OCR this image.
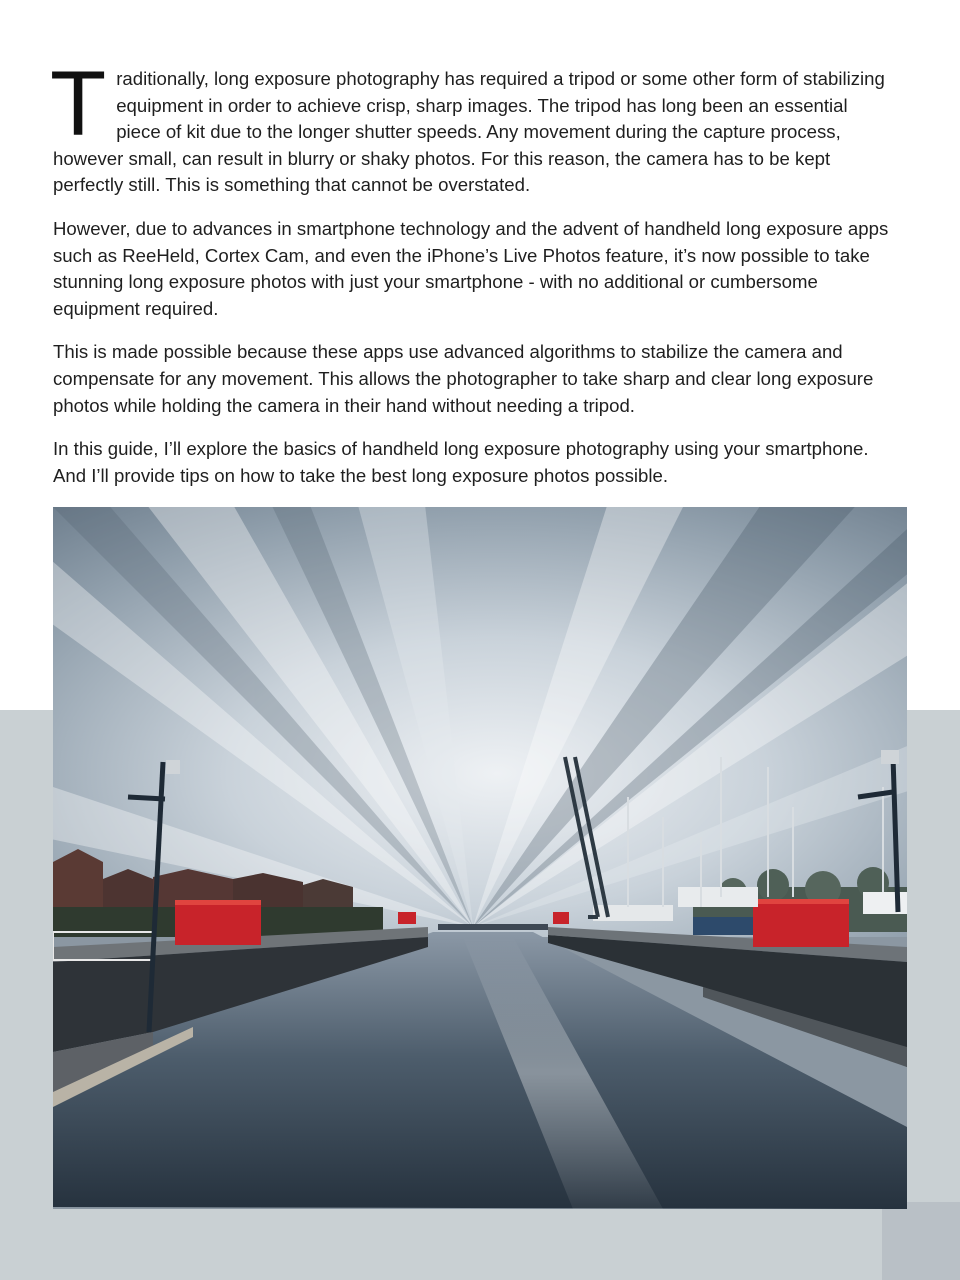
Traditionally, long exposure photography has required a tripod or some other form of stabilizing equipment in order to achieve crisp, sharp images. The tripod has long been an essential piece of kit due to the longer shutter speeds. Any movement during the capture process, however small, can result in blurry or shaky photos. For this reason, the camera has to be kept perfectly still. This is something that cannot be overstated.

However, due to advances in smartphone technology and the advent of handheld long exposure apps such as ReeHeld, Cortex Cam, and even the iPhone’s Live Photos feature, it’s now possible to take stunning long exposure photos with just your smartphone - with no additional or cumbersome equipment required.

This is made possible because these apps use advanced algorithms to stabilize the camera and compensate for any movement. This allows the photographer to take sharp and clear long exposure photos while holding the camera in their hand without needing a tripod.

In this guide, I’ll explore the basics of handheld long exposure photography using your smartphone. And I’ll provide tips on how to take the best long exposure photos possible.
